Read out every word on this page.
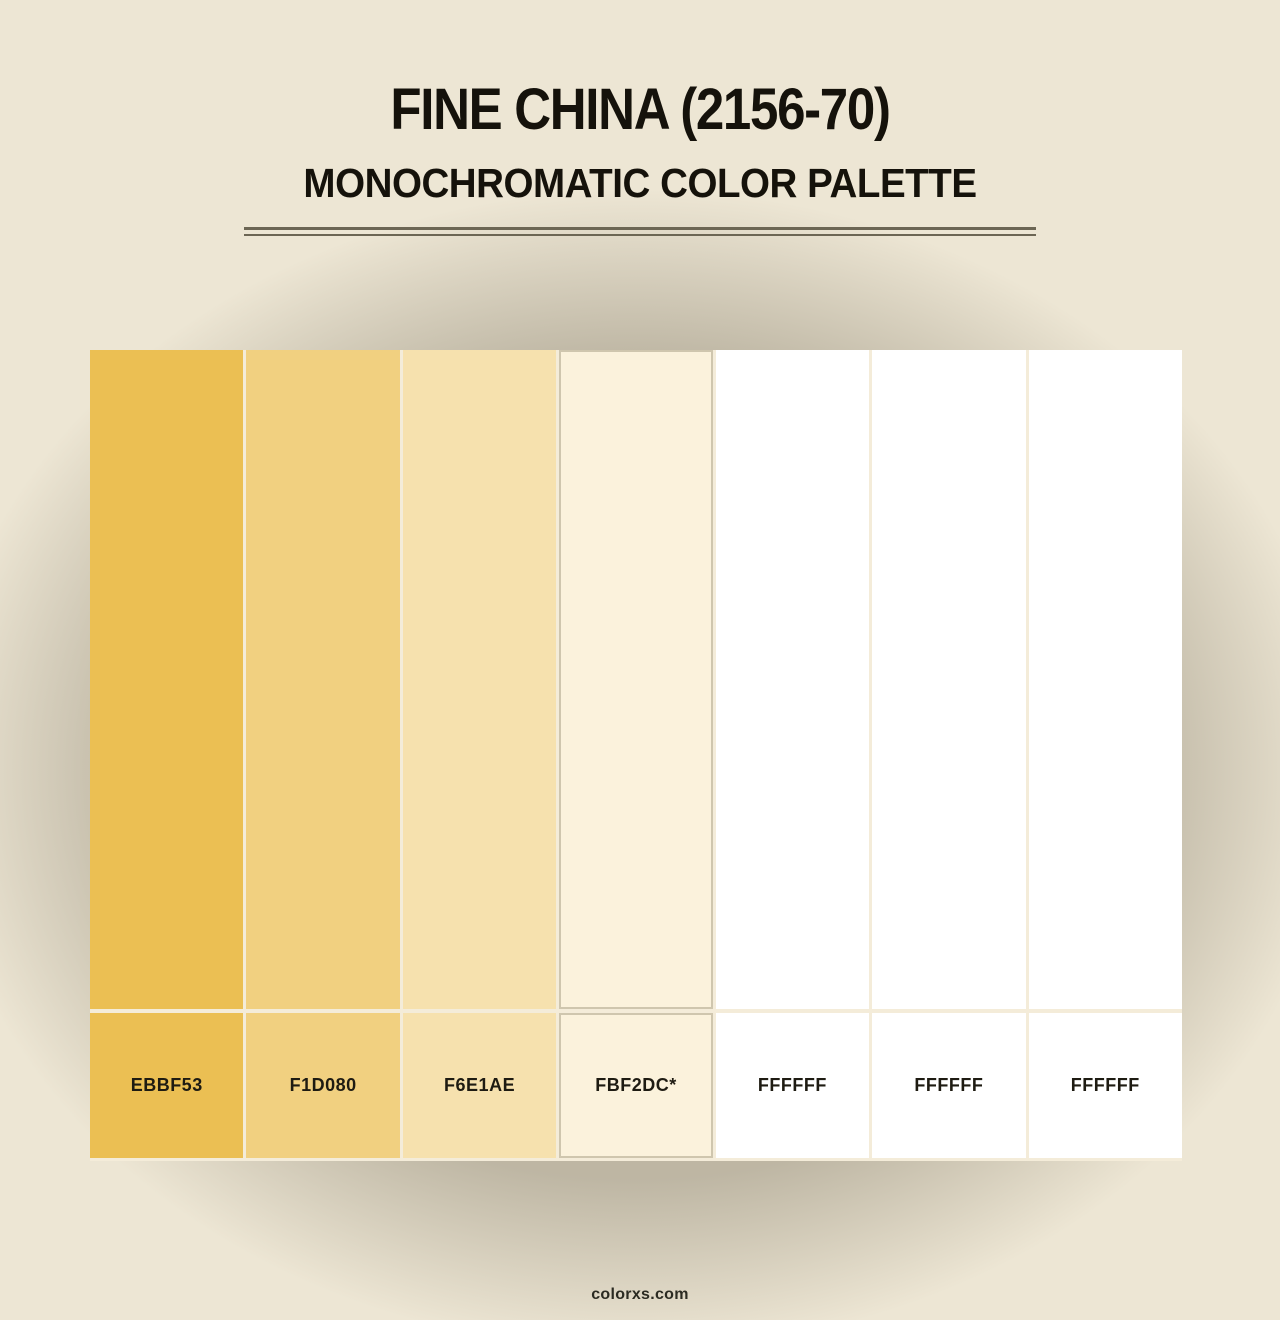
FINE CHINA (2156-70)
MONOCHROMATIC COLOR PALETTE
EBBF53	F1D080	F6E1AE	FBF2DC*	FFFFFF	FFFFFF	FFFFFF
colorxs.com
